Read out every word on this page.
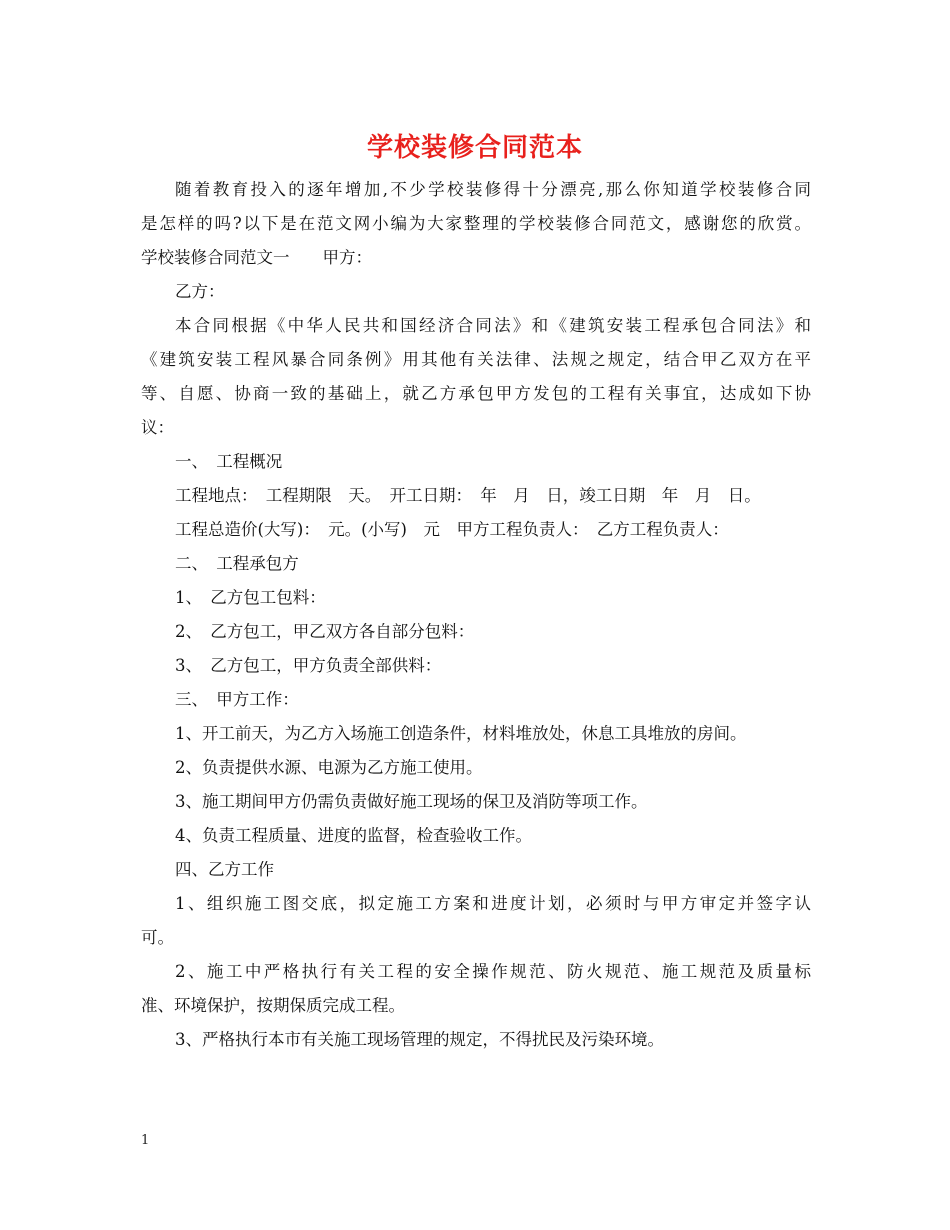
学校装修合同范本

随着教育投入的逐年增加,不少学校装修得十分漂亮,那么你知道学校装修合同
是怎样的吗?以下是在范文网小编为大家整理的学校装修合同范文，感谢您的欣赏。
学校装修合同范文一　　甲方：

乙方：

本合同根据《中华人民共和国经济合同法》和《建筑安装工程承包合同法》和
《建筑安装工程风暴合同条例》用其他有关法律、法规之规定，结合甲乙双方在平
等、自愿、协商一致的基础上，就乙方承包甲方发包的工程有关事宜，达成如下协
议：

一、　工程概况

工程地点：　工程期限　天。　开工日期：　年　月　日，竣工日期　年　月　日。

工程总造价(大写)：　元。(小写)　元　甲方工程负责人：　乙方工程负责人：

二、　工程承包方

1、　乙方包工包料：

2、　乙方包工，甲乙双方各自部分包料：

3、　乙方包工，甲方负责全部供料：

三、　甲方工作：

1、开工前天，为乙方入场施工创造条件，材料堆放处，休息工具堆放的房间。

2、负责提供水源、电源为乙方施工使用。

3、施工期间甲方仍需负责做好施工现场的保卫及消防等项工作。

4、负责工程质量、进度的监督，检查验收工作。

四、乙方工作

1、组织施工图交底，拟定施工方案和进度计划，必须时与甲方审定并签字认
可。

2、施工中严格执行有关工程的安全操作规范、防火规范、施工规范及质量标
准、环境保护，按期保质完成工程。

3、严格执行本市有关施工现场管理的规定，不得扰民及污染环境。

1
